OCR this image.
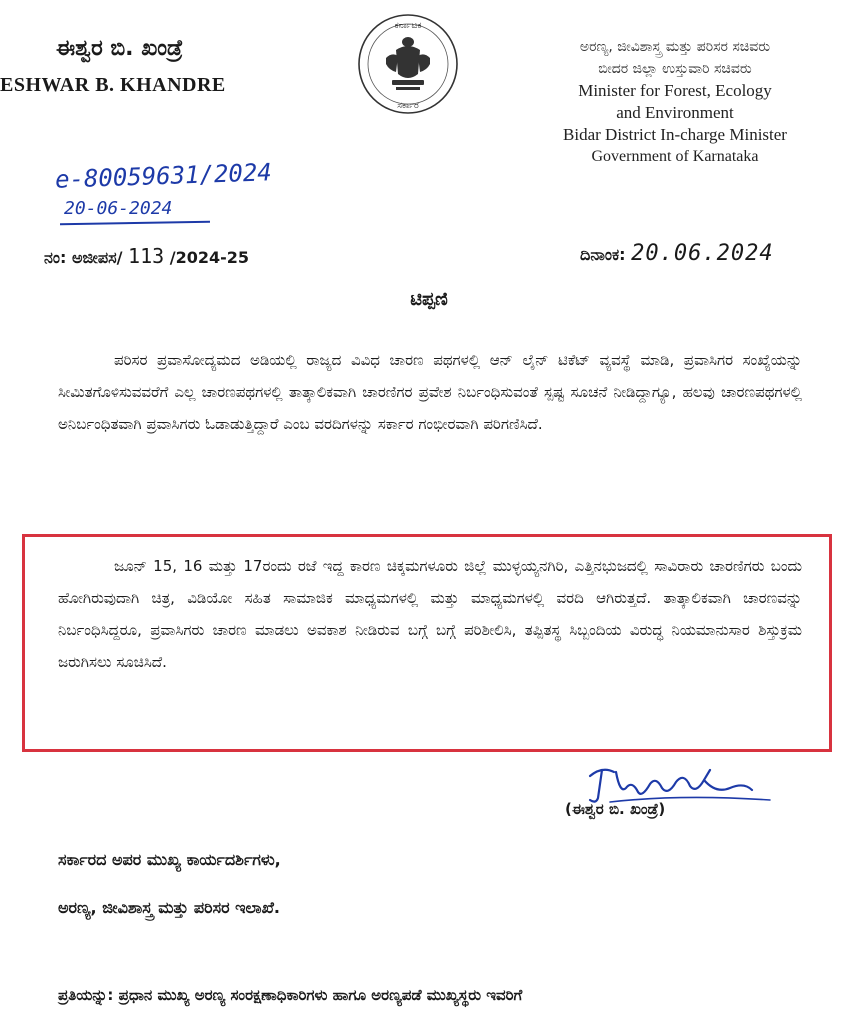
ಈಶ್ವರ ಬಿ. ಖಂಡ್ರೆ
ESHWAR B. KHANDRE
ಕರ್ನಾಟಕ
ಸರ್ಕಾರ
ಅರಣ್ಯ, ಜೀವಿಶಾಸ್ತ್ರ ಮತ್ತು ಪರಿಸರ ಸಚಿವರು
ಬೀದರ ಜಿಲ್ಲಾ ಉಸ್ತುವಾರಿ ಸಚಿವರು
Minister for Forest, Ecology
and Environment
Bidar District In-charge Minister
Government of Karnataka
e-80059631/2024
20-06-2024
ನಂ: ಅಜೀಪಸ/ 113 /2024-25	ದಿನಾಂಕ: 20.06.2024
ಟಿಪ್ಪಣಿ

ಪರಿಸರ ಪ್ರವಾಸೋದ್ಯಮದ ಅಡಿಯಲ್ಲಿ ರಾಜ್ಯದ ವಿವಿಧ ಚಾರಣ ಪಥಗಳಲ್ಲಿ ಆನ್ ಲೈನ್ ಟಿಕೆಟ್ ವ್ಯವಸ್ಥೆ ಮಾಡಿ, ಪ್ರವಾಸಿಗರ ಸಂಖ್ಯೆಯನ್ನು ಸೀಮಿತಗೊಳಿಸುವವರೆಗೆ ಎಲ್ಲ ಚಾರಣಪಥಗಳಲ್ಲಿ ತಾತ್ಕಾಲಿಕವಾಗಿ ಚಾರಣಿಗರ ಪ್ರವೇಶ ನಿರ್ಬಂಧಿಸುವಂತೆ ಸ್ಪಷ್ಟ ಸೂಚನೆ ನೀಡಿದ್ದಾಗ್ಯೂ, ಹಲವು ಚಾರಣಪಥಗಳಲ್ಲಿ ಅನಿರ್ಬಂಧಿತವಾಗಿ ಪ್ರವಾಸಿಗರು ಓಡಾಡುತ್ತಿದ್ದಾರೆ ಎಂಬ ವರದಿಗಳನ್ನು ಸರ್ಕಾರ ಗಂಭೀರವಾಗಿ ಪರಿಗಣಿಸಿದೆ.

ಜೂನ್ 15, 16 ಮತ್ತು 17ರಂದು ರಜೆ ಇದ್ದ ಕಾರಣ ಚಿಕ್ಕಮಗಳೂರು ಜಿಲ್ಲೆ ಮುಳ್ಳಯ್ಯನಗಿರಿ, ಎತ್ತಿನಭುಜದಲ್ಲಿ ಸಾವಿರಾರು ಚಾರಣಿಗರು ಬಂದು ಹೋಗಿರುವುದಾಗಿ ಚಿತ್ರ, ವಿಡಿಯೋ ಸಹಿತ ಸಾಮಾಜಿಕ ಮಾಧ್ಯಮಗಳಲ್ಲಿ ಮತ್ತು ಮಾಧ್ಯಮಗಳಲ್ಲಿ ವರದಿ ಆಗಿರುತ್ತದೆ. ತಾತ್ಕಾಲಿಕವಾಗಿ ಚಾರಣವನ್ನು ನಿರ್ಬಂಧಿಸಿದ್ದರೂ, ಪ್ರವಾಸಿಗರು ಚಾರಣ ಮಾಡಲು ಅವಕಾಶ ನೀಡಿರುವ ಬಗ್ಗೆ ಬಗ್ಗೆ ಪರಿಶೀಲಿಸಿ, ತಪ್ಪಿತಸ್ಥ ಸಿಬ್ಬಂದಿಯ ವಿರುದ್ಧ ನಿಯಮಾನುಸಾರ ಶಿಸ್ತುಕ್ರಮ ಜರುಗಿಸಲು ಸೂಚಿಸಿದೆ.

(ಈಶ್ವರ ಬಿ. ಖಂಡ್ರೆ)
ಸರ್ಕಾರದ ಅಪರ ಮುಖ್ಯ ಕಾರ್ಯದರ್ಶಿಗಳು,
ಅರಣ್ಯ, ಜೀವಿಶಾಸ್ತ್ರ ಮತ್ತು ಪರಿಸರ ಇಲಾಖೆ.
ಪ್ರತಿಯನ್ನು: ಪ್ರಧಾನ ಮುಖ್ಯ ಅರಣ್ಯ ಸಂರಕ್ಷಣಾಧಿಕಾರಿಗಳು ಹಾಗೂ ಅರಣ್ಯಪಡೆ ಮುಖ್ಯಸ್ಥರು ಇವರಿಗೆ
